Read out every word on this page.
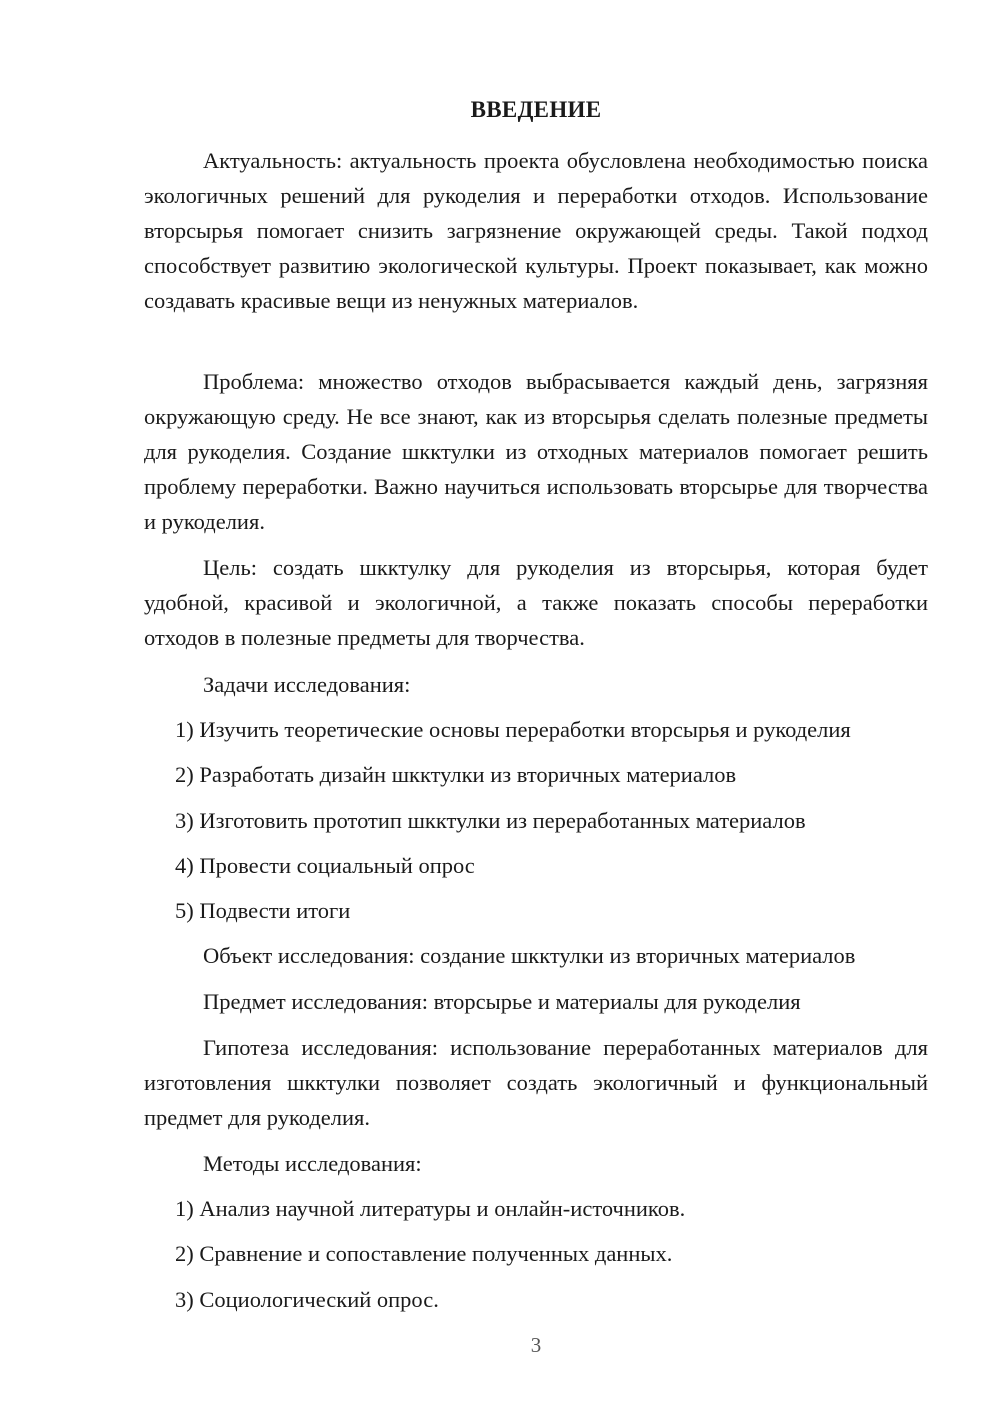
ВВЕДЕНИЕ

Актуальность: актуальность проекта обусловлена необходимостью поиска экологичных решений для рукоделия и переработки отходов. Использование вторсырья помогает снизить загрязнение окружающей среды. Такой подход способствует развитию экологической культуры. Проект показывает, как можно создавать красивые вещи из ненужных материалов.

Проблема: множество отходов выбрасывается каждый день, загрязняя окружающую среду. Не все знают, как из вторсырья сделать полезные предметы для рукоделия. Создание шкктулки из отходных материалов помогает решить проблему переработки. Важно научиться использовать вторсырье для творчества и рукоделия.

Цель: создать шкктулку для рукоделия из вторсырья, которая будет удобной, красивой и экологичной, а также показать способы переработки отходов в полезные предметы для творчества.

Задачи исследования:

1) Изучить теоретические основы переработки вторсырья и рукоделия

2) Разработать дизайн шкктулки из вторичных материалов

3) Изготовить прототип шкктулки из переработанных материалов

4) Провести социальный опрос

5) Подвести итоги

Объект исследования: создание шкктулки из вторичных материалов

Предмет исследования: вторсырье и материалы для рукоделия

Гипотеза исследования: использование переработанных материалов для изготовления шкктулки позволяет создать экологичный и функциональный предмет для рукоделия.

Методы исследования:

1) Анализ научной литературы и онлайн-источников.

2) Сравнение и сопоставление полученных данных.

3) Социологический опрос.

3
